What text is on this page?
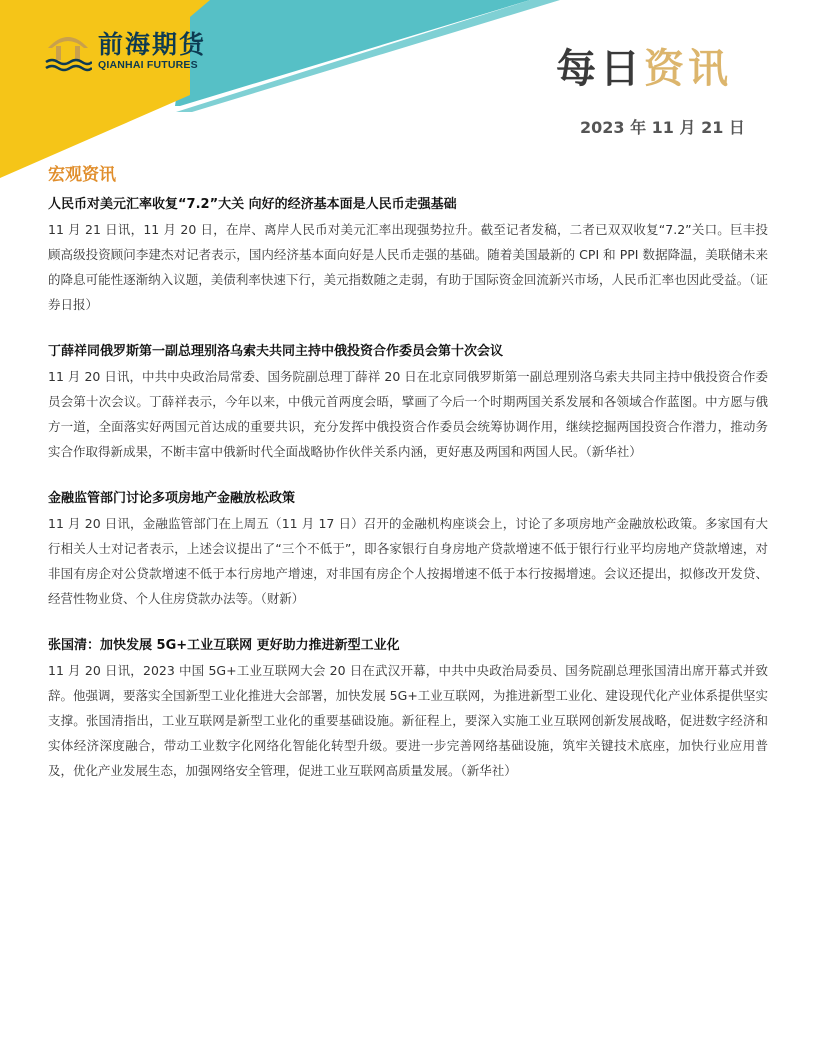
前海期货
QIANHAI FUTURES	每日资讯
2023 年 11 月 21 日
宏观资讯
人民币对美元汇率收复“7.2”大关 向好的经济基本面是人民币走强基础
11 月 21 日讯，11 月 20 日，在岸、离岸人民币对美元汇率出现强势拉升。截至记者发稿，二者已双双收复“7.2”关口。巨丰投顾高级投资顾问李建杰对记者表示，国内经济基本面向好是人民币走强的基础。随着美国最新的 CPI 和 PPI 数据降温，美联储未来的降息可能性逐渐纳入议题，美债利率快速下行，美元指数随之走弱，有助于国际资金回流新兴市场，人民币汇率也因此受益。（证券日报）
丁薛祥同俄罗斯第一副总理别洛乌索夫共同主持中俄投资合作委员会第十次会议
11 月 20 日讯，中共中央政治局常委、国务院副总理丁薛祥 20 日在北京同俄罗斯第一副总理别洛乌索夫共同主持中俄投资合作委员会第十次会议。丁薛祥表示，今年以来，中俄元首两度会晤，擘画了今后一个时期两国关系发展和各领域合作蓝图。中方愿与俄方一道，全面落实好两国元首达成的重要共识，充分发挥中俄投资合作委员会统筹协调作用，继续挖掘两国投资合作潜力，推动务实合作取得新成果，不断丰富中俄新时代全面战略协作伙伴关系内涵，更好惠及两国和两国人民。（新华社）
金融监管部门讨论多项房地产金融放松政策
11 月 20 日讯，金融监管部门在上周五（11 月 17 日）召开的金融机构座谈会上，讨论了多项房地产金融放松政策。多家国有大行相关人士对记者表示，上述会议提出了“三个不低于”，即各家银行自身房地产贷款增速不低于银行行业平均房地产贷款增速，对非国有房企对公贷款增速不低于本行房地产增速，对非国有房企个人按揭增速不低于本行按揭增速。会议还提出，拟修改开发贷、经营性物业贷、个人住房贷款办法等。（财新）
张国清：加快发展 5G+工业互联网 更好助力推进新型工业化
11 月 20 日讯，2023 中国 5G+工业互联网大会 20 日在武汉开幕，中共中央政治局委员、国务院副总理张国清出席开幕式并致辞。他强调，要落实全国新型工业化推进大会部署，加快发展 5G+工业互联网，为推进新型工业化、建设现代化产业体系提供坚实支撑。张国清指出，工业互联网是新型工业化的重要基础设施。新征程上，要深入实施工业互联网创新发展战略，促进数字经济和实体经济深度融合，带动工业数字化网络化智能化转型升级。要进一步完善网络基础设施，筑牢关键技术底座，加快行业应用普及，优化产业发展生态，加强网络安全管理，促进工业互联网高质量发展。（新华社）
